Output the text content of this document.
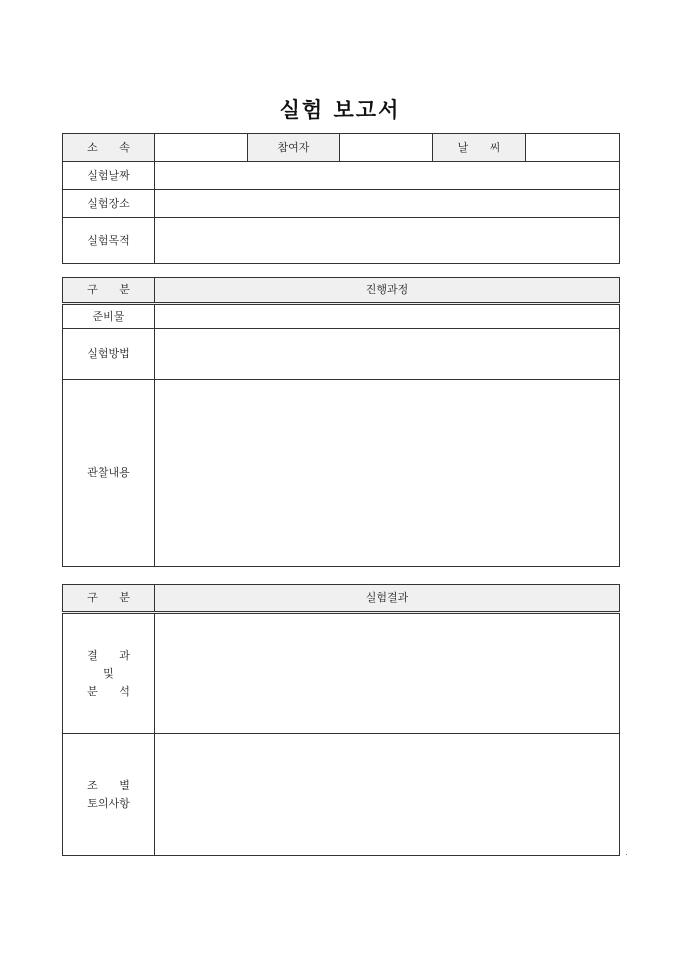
실험 보고서
소 속		참여자		날 씨	
실험날짜					
실험장소					
실험목적					
구 분	진행과정
준비물	
실험방법	
관찰내용	
구 분	실험결과

결 과
및
분 석	

조 별
토의사항	
